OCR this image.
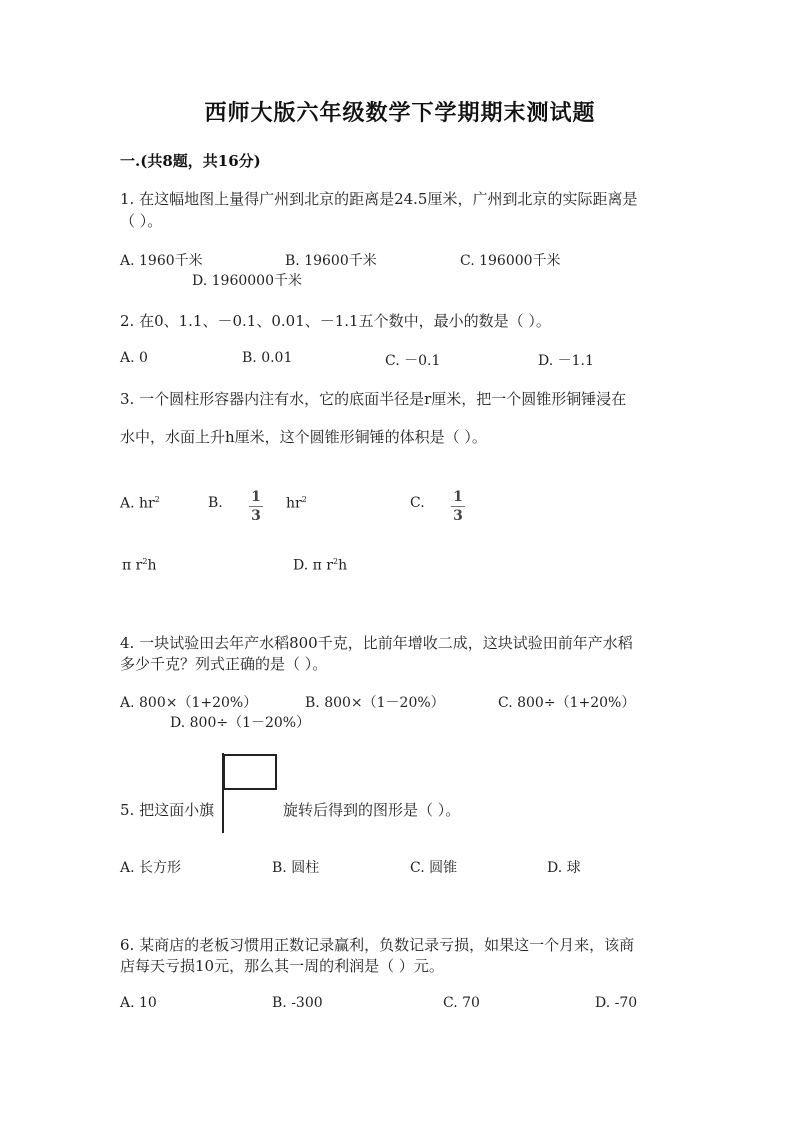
西师大版六年级数学下学期期末测试题
一.(共8题，共16分)
1. 在这幅地图上量得广州到北京的距离是24.5厘米，广州到北京的实际距离是
（ ）。
A. 1960千米	B. 19600千米	C. 196000千米
D. 1960000千米
2. 在0、1.1、－0.1、0.01、－1.1五个数中，最小的数是（ ）。
A. 0	B. 0.01	C. －0.1	D. －1.1
3. 一个圆柱形容器内注有水，它的底面半径是r厘米，把一个圆锥形铜锤浸在
水中，水面上升h厘米，这个圆锥形铜锤的体积是（ ）。
A. $hr^2$	B. 1
3
$hr^2$	C. 1
3
π $r^2h$	D. π $r^2h$
4. 一块试验田去年产水稻800千克，比前年增收二成，这块试验田前年产水稻
多少千克？列式正确的是（ ）。
A. 800×（1+20%）	B. 800×（1－20%）	C. 800÷（1+20%）
D. 800÷（1－20%）
5. 把这面小旗	旋转后得到的图形是（ ）。
A. 长方形	B. 圆柱	C. 圆锥	D. 球
6. 某商店的老板习惯用正数记录赢利，负数记录亏损，如果这一个月来，该商
店每天亏损10元，那么其一周的利润是（ ）元。
A. 10	B. -300	C. 70	D. -70
